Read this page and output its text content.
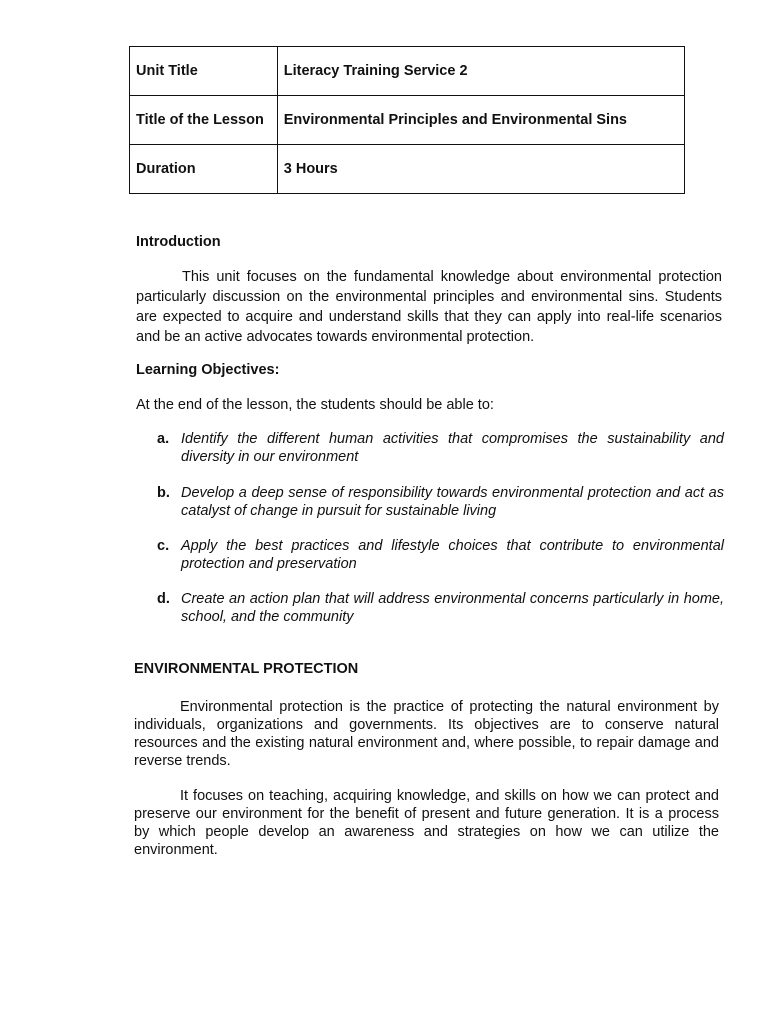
Unit Title	Literacy Training Service 2
Title of the Lesson	Environmental Principles and Environmental Sins
Duration	3 Hours

Introduction

This unit focuses on the fundamental knowledge about environmental protection particularly discussion on the environmental principles and environmental sins. Students are expected to acquire and understand skills that they can apply into real-life scenarios and be an active advocates towards environmental protection.

Learning Objectives:

At the end of the lesson, the students should be able to:

a. Identify the different human activities that compromises the sustainability and diversity in our environment
b. Develop a deep sense of responsibility towards environmental protection and act as catalyst of change in pursuit for sustainable living
c. Apply the best practices and lifestyle choices that contribute to environmental protection and preservation
d. Create an action plan that will address environmental concerns particularly in home, school, and the community

ENVIRONMENTAL PROTECTION

Environmental protection is the practice of protecting the natural environment by individuals, organizations and governments. Its objectives are to conserve natural resources and the existing natural environment and, where possible, to repair damage and reverse trends.

It focuses on teaching, acquiring knowledge, and skills on how we can protect and preserve our environment for the benefit of present and future generation. It is a process by which people develop an awareness and strategies on how we can utilize the environment.
